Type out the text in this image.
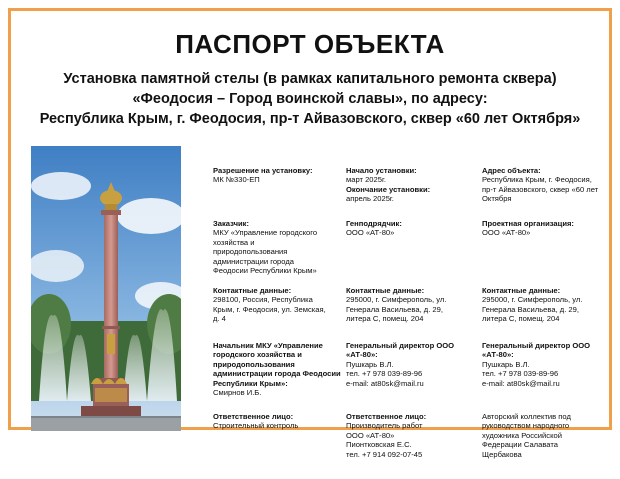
ПАСПОРТ ОБЪЕКТА
Установка памятной стелы (в рамках капитального ремонта сквера)
«Феодосия – Город воинской славы», по адресу:
Республика Крым, г. Феодосия, пр-т Айвазовского, сквер «60 лет Октября»
Разрешение на установку:
МК №330-ЕП
Начало установки:
март 2025г.
Окончание установки:
апрель 2025г.
Адрес объекта:
Республика Крым, г. Феодосия,
пр-т Айвазовского, сквер «60 лет
Октября
Заказчик:
МКУ «Управление городского
хозяйства и
природопользования
администрации города
Феодосии Республики Крым»
Генподрядчик:
ООО «АТ-80»
Проектная организация:
ООО «АТ-80»
Контактные данные:
298100, Россия, Республика
Крым, г. Феодосия, ул. Земская,
д. 4
Контактные данные:
295000, г. Симферополь, ул.
Генерала Васильева, д. 29,
литера С, помещ. 204
Контактные данные:
295000, г. Симферополь, ул.
Генерала Васильева, д. 29,
литера С, помещ. 204
Начальник МКУ «Управление городского хозяйства и природопользования администрации города Феодосии Республики Крым»:
Смирнов И.Б.
Генеральный директор ООО «АТ-80»:
Пушкарь В.Л.
тел. +7 978 039-89-96
e-mail: at80sk@mail.ru
Генеральный директор ООО «АТ-80»:
Пушкарь В.Л.
тел. +7 978 039-89-96
e-mail: at80sk@mail.ru
Ответственное лицо:
Строительный контроль
Ответственное лицо:
Производитель работ
ООО «АТ-80»
Пионтковская Е.С.
тел. +7 914 092-07-45
Авторский коллектив под
руководством народного
художника Российской
Федерации Салавата
Щербакова
